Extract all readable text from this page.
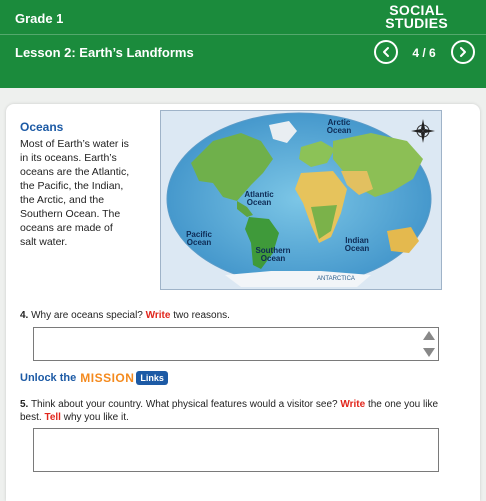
Grade 1
SOCIAL
STUDIES
Lesson 2: Earth’s Landforms	4 / 6
Oceans
Most of Earth’s water is in its oceans. Earth’s oceans are the Atlantic, the Pacific, the Indian, the Arctic, and the Southern Ocean. The oceans are made of salt water.
Arctic Ocean
Atlantic Ocean
Pacific Ocean	Indian Ocean
Southern Ocean
ANTARCTICA
4. Why are oceans special? Write two reasons.
Unlock the MISSION Links
5. Think about your country. What physical features would a visitor see? Write the one you like best. Tell why you like it.
